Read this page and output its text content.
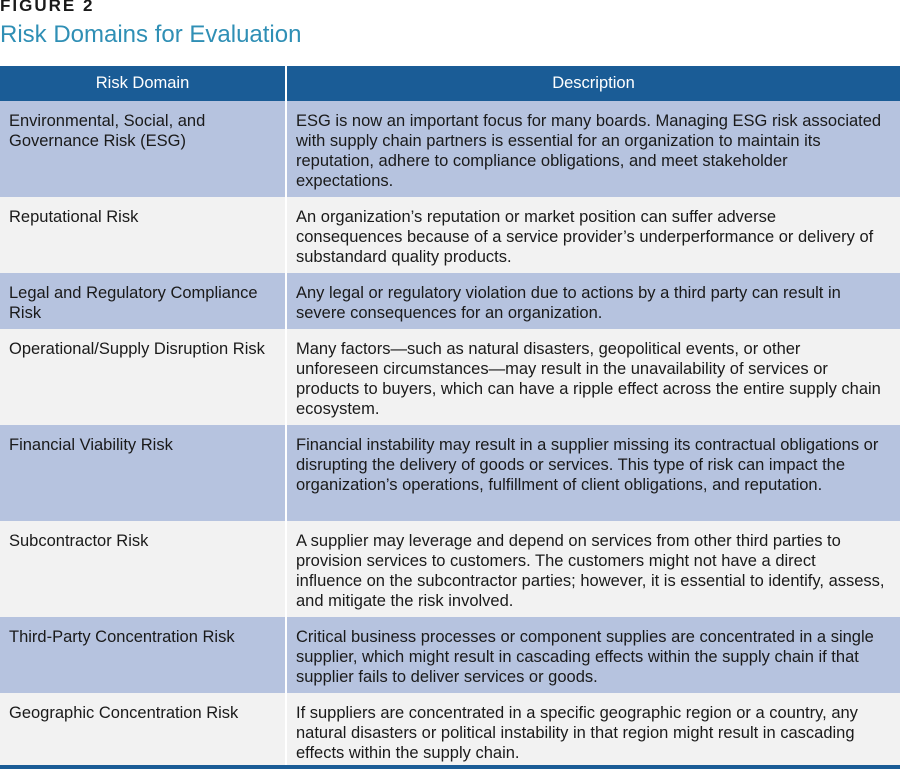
FIGURE 2
Risk Domains for Evaluation
Risk Domain	Description
Environmental, Social, and Governance Risk (ESG)	ESG is now an important focus for many boards. Managing ESG risk associated with supply chain partners is essential for an organization to maintain its reputation, adhere to compliance obligations, and meet stakeholder expectations.
Reputational Risk	An organization’s reputation or market position can suffer adverse consequences because of a service provider’s underperformance or delivery of substandard quality products.
Legal and Regulatory Compliance Risk	Any legal or regulatory violation due to actions by a third party can result in severe consequences for an organization.
Operational/Supply Disruption Risk	Many factors—such as natural disasters, geopolitical events, or other unforeseen circumstances—may result in the unavailability of services or products to buyers, which can have a ripple effect across the entire supply chain ecosystem.
Financial Viability Risk	Financial instability may result in a supplier missing its contractual obligations or disrupting the delivery of goods or services. This type of risk can impact the organization’s operations, fulfillment of client obligations, and reputation.
Subcontractor Risk	A supplier may leverage and depend on services from other third parties to provision services to customers. The customers might not have a direct influence on the subcontractor parties; however, it is essential to identify, assess, and mitigate the risk involved.
Third-Party Concentration Risk	Critical business processes or component supplies are concentrated in a single supplier, which might result in cascading effects within the supply chain if that supplier fails to deliver services or goods.
Geographic Concentration Risk	If suppliers are concentrated in a specific geographic region or a country, any natural disasters or political instability in that region might result in cascading effects within the supply chain.
